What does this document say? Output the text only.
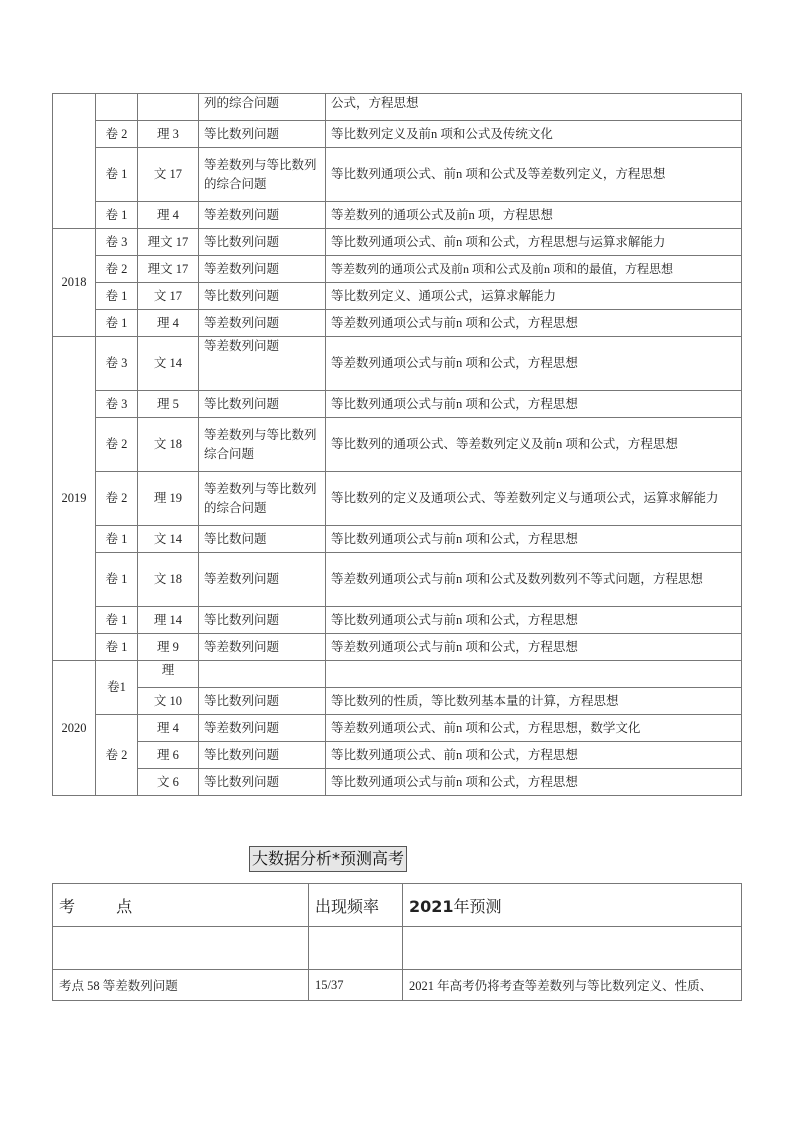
			列的综合问题	公式，方程思想
	卷 2	理 3	等比数列问题	等比数列定义及前n 项和公式及传统文化
	卷 1	文 17	等差数列与等比数列的综合问题	等比数列通项公式、前n 项和公式及等差数列定义，方程思想
	卷 1	理 4	等差数列问题	等差数列的通项公式及前n 项，方程思想
2018	卷 3	理文 17	等比数列问题	等比数列通项公式、前n 项和公式，方程思想与运算求解能力
	卷 2	理文 17	等差数列问题	等差数列的通项公式及前n 项和公式及前n 项和的最值，方程思想
	卷 1	文 17	等比数列问题	等比数列定义、通项公式，运算求解能力
	卷 1	理 4	等差数列问题	等差数列通项公式与前n 项和公式，方程思想
2019	卷 3	文 14	等差数列问题	等差数列通项公式与前n 项和公式，方程思想
	卷 3	理 5	等比数列问题	等比数列通项公式与前n 项和公式，方程思想
	卷 2	文 18	等差数列与等比数列综合问题	等比数列的通项公式、等差数列定义及前n 项和公式，方程思想
	卷 2	理 19	等差数列与等比数列的综合问题	等比数列的定义及通项公式、等差数列定义与通项公式，运算求解能力
	卷 1	文 14	等比数问题	等比数列通项公式与前n 项和公式，方程思想
	卷 1	文 18	等差数列问题	等差数列通项公式与前n 项和公式及数列数列不等式问题，方程思想
	卷 1	理 14	等比数列问题	等比数列通项公式与前n 项和公式，方程思想
	卷 1	理 9	等差数列问题	等差数列通项公式与前n 项和公式，方程思想
2020	卷1	理		
		文 10	等比数列问题	等比数列的性质，等比数列基本量的计算，方程思想
	卷 2	理 4	等差数列问题	等差数列通项公式、前n 项和公式，方程思想，数学文化
		理 6	等比数列问题	等比数列通项公式、前n 项和公式，方程思想
		文 6	等比数列问题	等比数列通项公式与前n 项和公式，方程思想
大数据分析*预测高考
考 点	出现频率	2021年预测

考点 58 等差数列问题	15/37	2021 年高考仍将考查等差数列与等比数列定义、性质、
